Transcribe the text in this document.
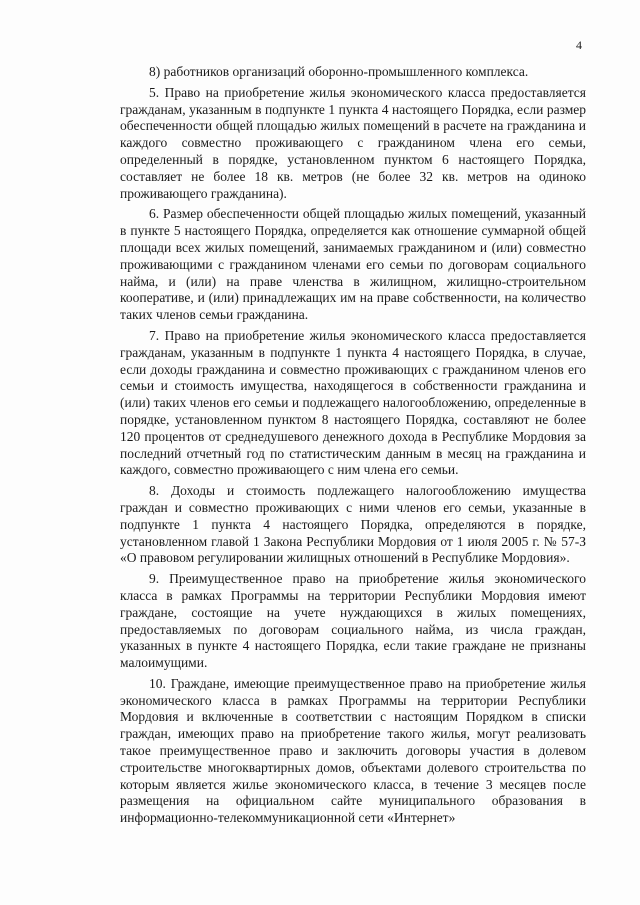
4

8) работников организаций оборонно-промышленного комплекса.

5. Право на приобретение жилья экономического класса предоставляется гражданам, указанным в подпункте 1 пункта 4 настоящего Порядка, если размер обеспеченности общей площадью жилых помещений в расчете на гражданина и каждого совместно проживающего с гражданином члена его семьи, определенный в порядке, установленном пунктом 6 настоящего Порядка, составляет не более 18 кв. метров (не более 32 кв. метров на одиноко проживающего гражданина).

6. Размер обеспеченности общей площадью жилых помещений, указанный в пункте 5 настоящего Порядка, определяется как отношение суммарной общей площади всех жилых помещений, занимаемых гражданином и (или) совместно проживающими с гражданином членами его семьи по договорам социального найма, и (или) на праве членства в жилищном, жилищно-строительном кооперативе, и (или) принадлежащих им на праве собственности, на количество таких членов семьи гражданина.

7. Право на приобретение жилья экономического класса предоставляется гражданам, указанным в подпункте 1 пункта 4 настоящего Порядка, в случае, если доходы гражданина и совместно проживающих с гражданином членов его семьи и стоимость имущества, находящегося в собственности гражданина и (или) таких членов его семьи и подлежащего налогообложению, определенные в порядке, установленном пунктом 8 настоящего Порядка, составляют не более 120 процентов от среднедушевого денежного дохода в Республике Мордовия за последний отчетный год по статистическим данным в месяц на гражданина и каждого, совместно проживающего с ним члена его семьи.

8. Доходы и стоимость подлежащего налогообложению имущества граждан и совместно проживающих с ними членов его семьи, указанные в подпункте 1 пункта 4 настоящего Порядка, определяются в порядке, установленном главой 1 Закона Республики Мордовия от 1 июля 2005 г. № 57-З «О правовом регулировании жилищных отношений в Республике Мордовия».

9. Преимущественное право на приобретение жилья экономического класса в рамках Программы на территории Республики Мордовия имеют граждане, состоящие на учете нуждающихся в жилых помещениях, предоставляемых по договорам социального найма, из числа граждан, указанных в пункте 4 настоящего Порядка, если такие граждане не признаны малоимущими.

10. Граждане, имеющие преимущественное право на приобретение жилья экономического класса в рамках Программы на территории Республики Мордовия и включенные в соответствии с настоящим Порядком в списки граждан, имеющих право на приобретение такого жилья, могут реализовать такое преимущественное право и заключить договоры участия в долевом строительстве многоквартирных домов, объектами долевого строительства по которым является жилье экономического класса, в течение 3 месяцев после размещения на официальном сайте муниципального образования в информационно-телекоммуникационной сети «Интернет»
